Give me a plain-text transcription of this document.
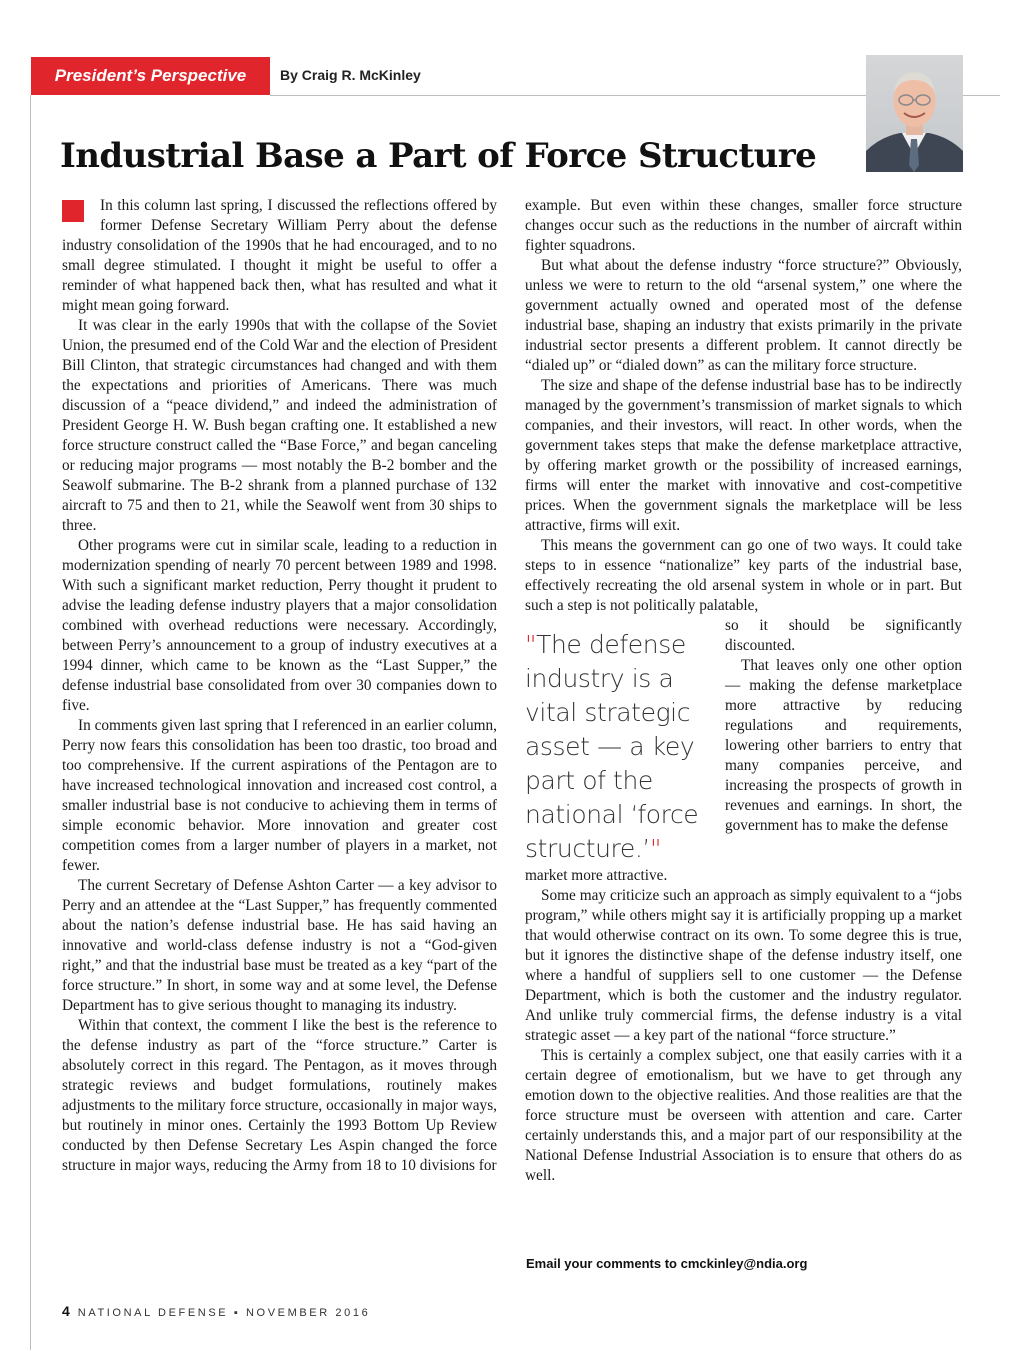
President’s Perspective	By Craig R. McKinley
Industrial Base a Part of Force Structure

In this column last spring, I discussed the reflections offered by former Defense Secretary William Perry about the defense industry consolidation of the 1990s that he had encouraged, and to no small degree stimulated. I thought it might be useful to offer a reminder of what happened back then, what has resulted and what it might mean going forward.

It was clear in the early 1990s that with the collapse of the Soviet Union, the presumed end of the Cold War and the election of President Bill Clinton, that strategic circumstances had changed and with them the expectations and priorities of Americans. There was much discussion of a “peace dividend,” and indeed the administration of President George H. W. Bush began crafting one. It established a new force structure construct called the “Base Force,” and began canceling or reducing major programs — most notably the B-2 bomber and the Seawolf submarine. The B-2 shrank from a planned purchase of 132 aircraft to 75 and then to 21, while the Seawolf went from 30 ships to three.

Other programs were cut in similar scale, leading to a reduction in modernization spending of nearly 70 percent between 1989 and 1998. With such a significant market reduction, Perry thought it prudent to advise the leading defense industry players that a major consolidation combined with overhead reductions were necessary. Accordingly, between Perry’s announcement to a group of industry executives at a 1994 dinner, which came to be known as the “Last Supper,” the defense industrial base consolidated from over 30 companies down to five.

In comments given last spring that I referenced in an earlier column, Perry now fears this consolidation has been too drastic, too broad and too comprehensive. If the current aspirations of the Pentagon are to have increased technological innovation and increased cost control, a smaller industrial base is not conducive to achieving them in terms of simple economic behavior. More innovation and greater cost competition comes from a larger number of players in a market, not fewer.

The current Secretary of Defense Ashton Carter — a key advisor to Perry and an attendee at the “Last Supper,” has frequently commented about the nation’s defense industrial base. He has said having an innovative and world-class defense industry is not a “God-given right,” and that the industrial base must be treated as a key “part of the force structure.” In short, in some way and at some level, the Defense Department has to give serious thought to managing its industry.

Within that context, the comment I like the best is the reference to the defense industry as part of the “force structure.” Carter is absolutely correct in this regard. The Pentagon, as it moves through strategic reviews and budget formulations, routinely makes adjustments to the military force structure, occasionally in major ways, but routinely in minor ones. Certainly the 1993 Bottom Up Review conducted by then Defense Secretary Les Aspin changed the force structure in major ways, reducing the Army from 18 to 10 divisions for

example. But even within these changes, smaller force structure changes occur such as the reductions in the number of aircraft within fighter squadrons.

But what about the defense industry “force structure?” Obviously, unless we were to return to the old “arsenal system,” one where the government actually owned and operated most of the defense industrial base, shaping an industry that exists primarily in the private industrial sector presents a different problem. It cannot directly be “dialed up” or “dialed down” as can the military force structure.

The size and shape of the defense industrial base has to be indirectly managed by the government’s transmission of market signals to which companies, and their investors, will react. In other words, when the government takes steps that make the defense marketplace attractive, by offering market growth or the possibility of increased earnings, firms will enter the market with innovative and cost-competitive prices. When the government signals the marketplace will be less attractive, firms will exit.

This means the government can go one of two ways. It could take steps to in essence “nationalize” key parts of the industrial base, effectively recreating the old arsenal system in whole or in part. But such a step is not politically palatable,

so it should be significantly discounted.

That leaves only one other option — making the defense marketplace more attractive by reducing regulations and requirements, lowering other barriers to entry that many companies perceive, and increasing the prospects of growth in revenues and earnings. In short, the government has to make the defense

"The defense industry is a vital strategic asset — a key part of the national ‘force structure.’"

market more attractive.

Some may criticize such an approach as simply equivalent to a “jobs program,” while others might say it is artificially propping up a market that would otherwise contract on its own. To some degree this is true, but it ignores the distinctive shape of the defense industry itself, one where a handful of suppliers sell to one customer — the Defense Department, which is both the customer and the industry regulator. And unlike truly commercial firms, the defense industry is a vital strategic asset — a key part of the national “force structure.”

This is certainly a complex subject, one that easily carries with it a certain degree of emotionalism, but we have to get through any emotion down to the objective realities. And those realities are that the force structure must be overseen with attention and care. Carter certainly understands this, and a major part of our responsibility at the National Defense Industrial Association is to ensure that others do as well.

Email your comments to cmckinley@ndia.org
4 NATIONAL DEFENSE ▪ NOVEMBER 2016
